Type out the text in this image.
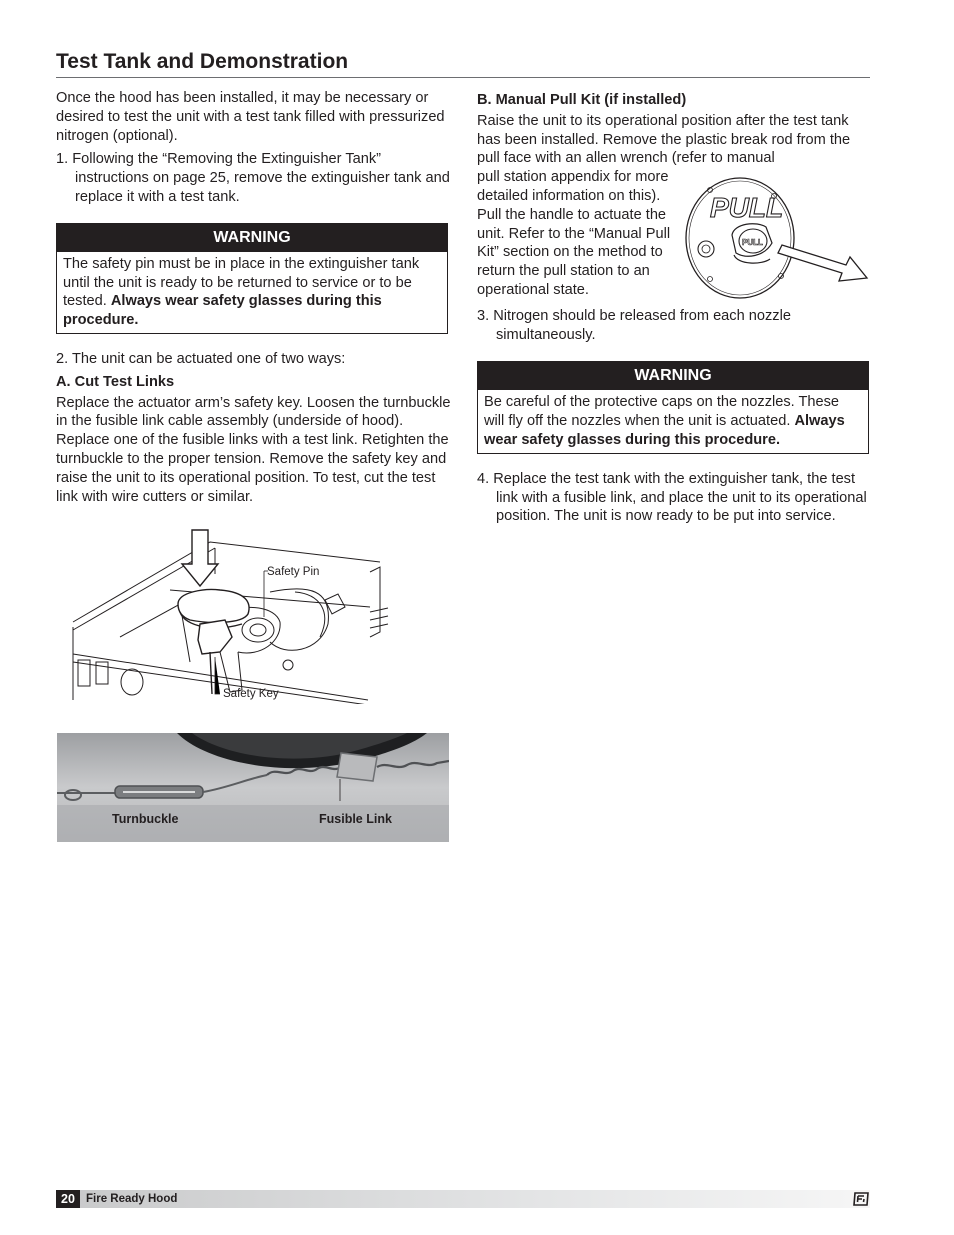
Test Tank and Demonstration

Once the hood has been installed, it may be necessary or desired to test the unit with a test tank filled with pressurized nitrogen (optional).

1. Following the “Removing the Extinguisher Tank” instructions on page 25, remove the extinguisher tank and replace it with a test tank.

WARNING
The safety pin must be in place in the extinguisher tank until the unit is ready to be returned to service or to be tested. Always wear safety glasses during this procedure.

2. The unit can be actuated one of two ways:

A. Cut Test Links

Replace the actuator arm’s safety key. Loosen the turnbuckle in the fusible link cable assembly (underside of hood). Replace one of the fusible links with a test link. Retighten the turnbuckle to the proper tension. Remove the safety key and raise the unit to its operational position. To test, cut the test link with wire cutters or similar.

Safety Pin
Safety Key
Turnbuckle	Fusible Link

B. Manual Pull Kit (if installed)

Raise the unit to its operational position after the test tank has been installed. Remove the plastic break rod from the pull face with an allen wrench (refer to manual

pull station appendix for more detailed information on this). Pull the handle to actuate the unit. Refer to the “Manual Pull Kit” section on the method to return the pull station to an operational state.

3. Nitrogen should be released from each nozzle simultaneously.

WARNING
Be careful of the protective caps on the nozzles. These will fly off the nozzles when the unit is actuated. Always wear safety glasses during this procedure.

4. Replace the test tank with the extinguisher tank, the test link with a fusible link, and place the unit to its operational position. The unit is now ready to be put into service.

PULL
PULL
20 Fire Ready Hood
